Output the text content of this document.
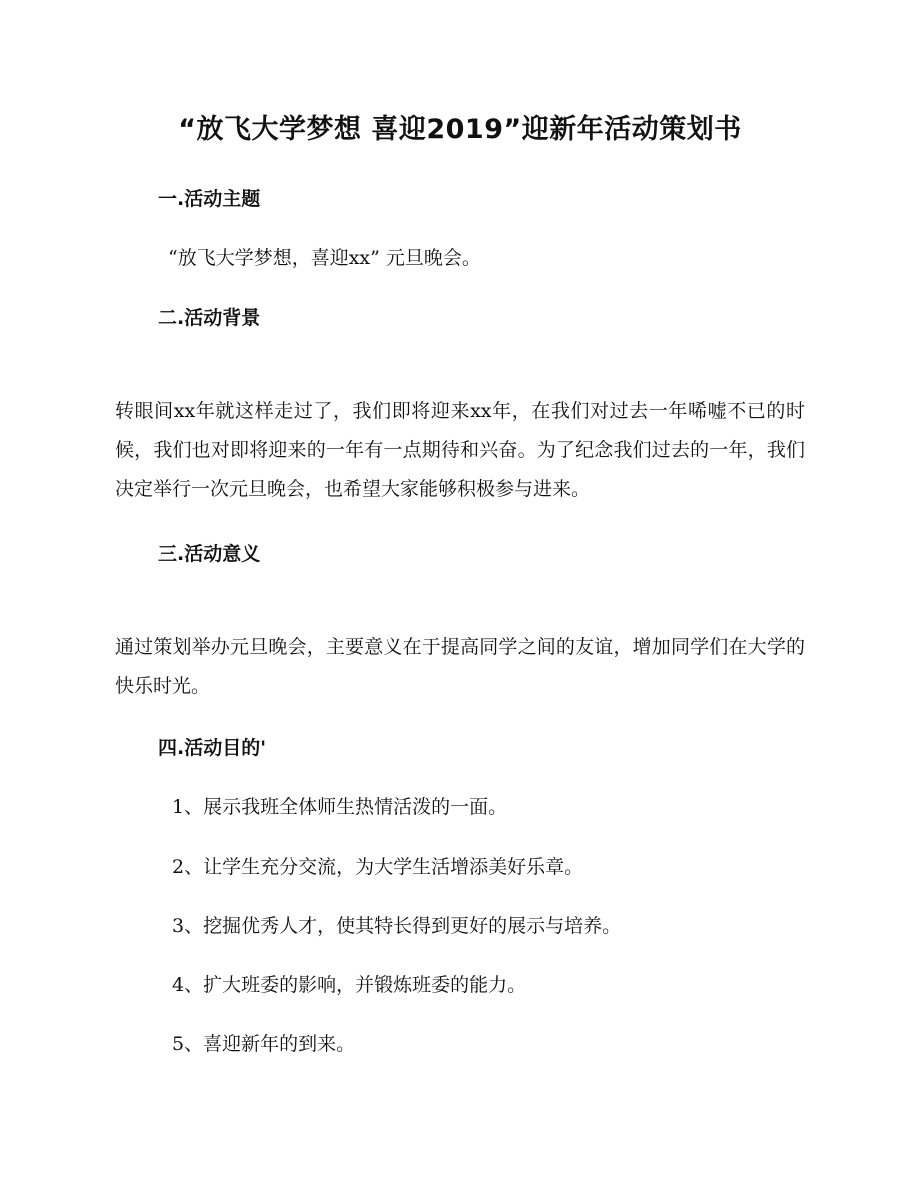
“放飞大学梦想 喜迎2019”迎新年活动策划书
一.活动主题
“放飞大学梦想，喜迎xx” 元旦晚会。
二.活动背景
转眼间xx年就这样走过了，我们即将迎来xx年，在我们对过去一年唏嘘不已的时候，我们也对即将迎来的一年有一点期待和兴奋。为了纪念我们过去的一年，我们决定举行一次元旦晚会，也希望大家能够积极参与进来。
三.活动意义
通过策划举办元旦晚会，主要意义在于提高同学之间的友谊，增加同学们在大学的快乐时光。
四.活动目的'
1、展示我班全体师生热情活泼的一面。
2、让学生充分交流，为大学生活增添美好乐章。
3、挖掘优秀人才，使其特长得到更好的展示与培养。
4、扩大班委的影响，并锻炼班委的能力。
5、喜迎新年的到来。
